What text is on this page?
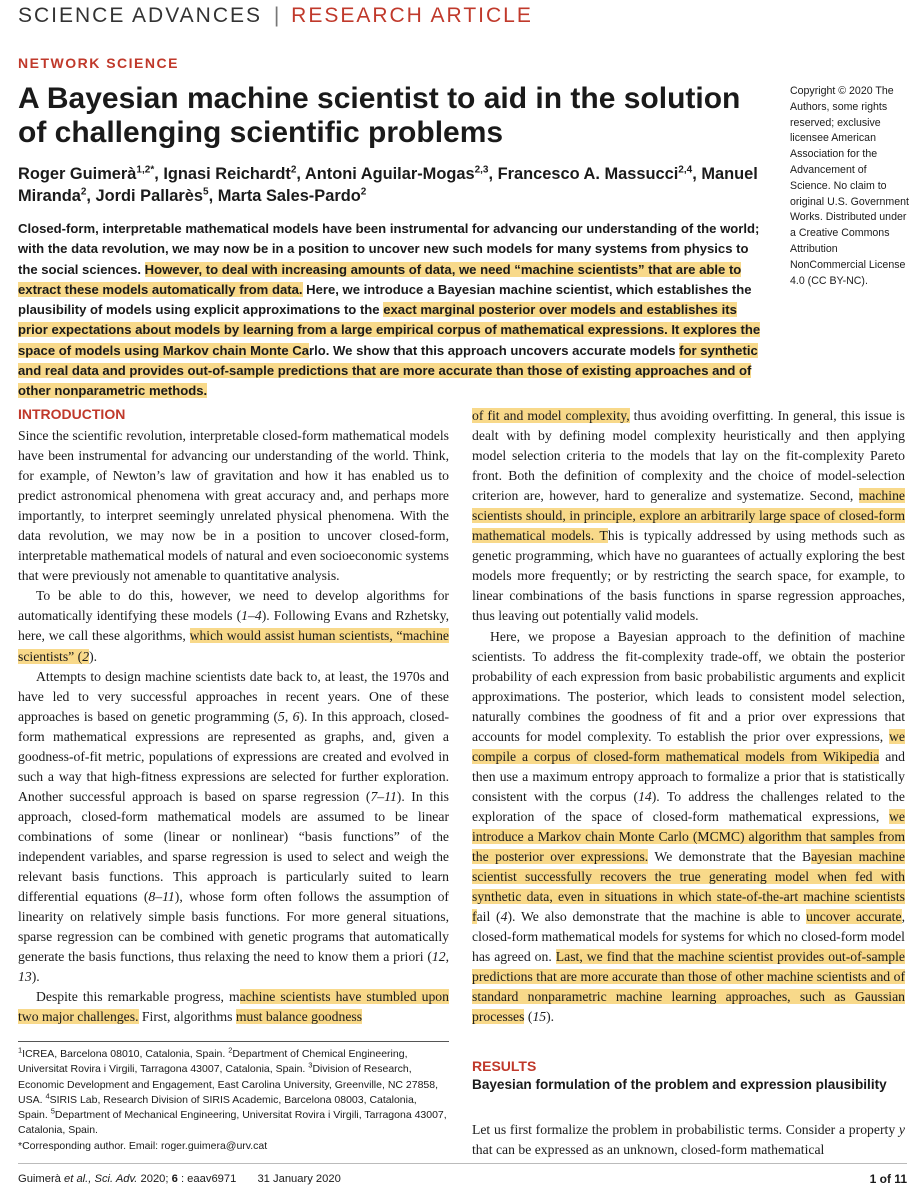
SCIENCE ADVANCES | RESEARCH ARTICLE
NETWORK SCIENCE
A Bayesian machine scientist to aid in the solution of challenging scientific problems
Roger Guimerà$^{1,2*}$, Ignasi Reichardt$^2$, Antoni Aguilar-Mogas$^{2,3}$, Francesco A. Massucci$^{2,4}$, Manuel Miranda$^2$, Jordi Pallarès$^5$, Marta Sales-Pardo$^2$
Copyright © 2020 The Authors, some rights reserved; exclusive licensee American Association for the Advancement of Science. No claim to original U.S. Government Works. Distributed under a Creative Commons Attribution NonCommercial License 4.0 (CC BY-NC).
Closed-form, interpretable mathematical models have been instrumental for advancing our understanding of the world; with the data revolution, we may now be in a position to uncover new such models for many systems from physics to the social sciences. However, to deal with increasing amounts of data, we need “machine scientists” that are able to extract these models automatically from data. Here, we introduce a Bayesian machine scientist, which establishes the plausibility of models using explicit approximations to the exact marginal posterior over models and establishes its prior expectations about models by learning from a large empirical corpus of mathematical expressions. It explores the space of models using Markov chain Monte Carlo. We show that this approach uncovers accurate models for synthetic and real data and provides out-of-sample predictions that are more accurate than those of existing approaches and of other nonparametric methods.
INTRODUCTION

Since the scientific revolution, interpretable closed-form mathematical models have been instrumental for advancing our understanding of the world. Think, for example, of Newton’s law of gravitation and how it has enabled us to predict astronomical phenomena with great accuracy and, and perhaps more importantly, to interpret seemingly unrelated physical phenomena. With the data revolution, we may now be in a position to uncover closed-form, interpretable mathematical models of natural and even socioeconomic systems that were previously not amenable to quantitative analysis.

To be able to do this, however, we need to develop algorithms for automatically identifying these models (1–4). Following Evans and Rzhetsky, here, we call these algorithms, which would assist human scientists, “machine scientists” (2).

Attempts to design machine scientists date back to, at least, the 1970s and have led to very successful approaches in recent years. One of these approaches is based on genetic programming (5, 6). In this approach, closed-form mathematical expressions are represented as graphs, and, given a goodness-of-fit metric, populations of expressions are created and evolved in such a way that high-fitness expressions are selected for further exploration. Another successful approach is based on sparse regression (7–11). In this approach, closed-form mathematical models are assumed to be linear combinations of some (linear or nonlinear) “basis functions” of the independent variables, and sparse regression is used to select and weigh the relevant basis functions. This approach is particularly suited to learn differential equations (8–11), whose form often follows the assumption of linearity on relatively simple basis functions. For more general situations, sparse regression can be combined with genetic programs that automatically generate the basis functions, thus relaxing the need to know them a priori (12, 13).

Despite this remarkable progress, machine scientists have stumbled upon two major challenges. First, algorithms must balance goodness

of fit and model complexity, thus avoiding overfitting. In general, this issue is dealt with by defining model complexity heuristically and then applying model selection criteria to the models that lay on the fit-complexity Pareto front. Both the definition of complexity and the choice of model-selection criterion are, however, hard to generalize and systematize. Second, machine scientists should, in principle, explore an arbitrarily large space of closed-form mathematical models. This is typically addressed by using methods such as genetic programming, which have no guarantees of actually exploring the best models more frequently; or by restricting the search space, for example, to linear combinations of the basis functions in sparse regression approaches, thus leaving out potentially valid models.

Here, we propose a Bayesian approach to the definition of machine scientists. To address the fit-complexity trade-off, we obtain the posterior probability of each expression from basic probabilistic arguments and explicit approximations. The posterior, which leads to consistent model selection, naturally combines the goodness of fit and a prior over expressions that accounts for model complexity. To establish the prior over expressions, we compile a corpus of closed-form mathematical models from Wikipedia and then use a maximum entropy approach to formalize a prior that is statistically consistent with the corpus (14). To address the challenges related to the exploration of the space of closed-form mathematical expressions, we introduce a Markov chain Monte Carlo (MCMC) algorithm that samples from the posterior over expressions. We demonstrate that the Bayesian machine scientist successfully recovers the true generating model when fed with synthetic data, even in situations in which state-of-the-art machine scientists fail (4). We also demonstrate that the machine is able to uncover accurate, closed-form mathematical models for systems for which no closed-form model has agreed on. Last, we find that the machine scientist provides out-of-sample predictions that are more accurate than those of other machine scientists and of standard nonparametric machine learning approaches, such as Gaussian processes (15).

$^1$ICREA, Barcelona 08010, Catalonia, Spain. $^2$Department of Chemical Engineering, Universitat Rovira i Virgili, Tarragona 43007, Catalonia, Spain. $^3$Division of Research, Economic Development and Engagement, East Carolina University, Greenville, NC 27858, USA. $^4$SIRIS Lab, Research Division of SIRIS Academic, Barcelona 08003, Catalonia, Spain. $^5$Department of Mechanical Engineering, Universitat Rovira i Virgili, Tarragona 43007, Catalonia, Spain.
*Corresponding author. Email: roger.guimera@urv.cat
RESULTS
Bayesian formulation of the problem and expression plausibility

Let us first formalize the problem in probabilistic terms. Consider a property y that can be expressed as an unknown, closed-form mathematical

Guimerà et al., Sci. Adv. 2020; 6 : eaav6971 31 January 2020	1 of 11
